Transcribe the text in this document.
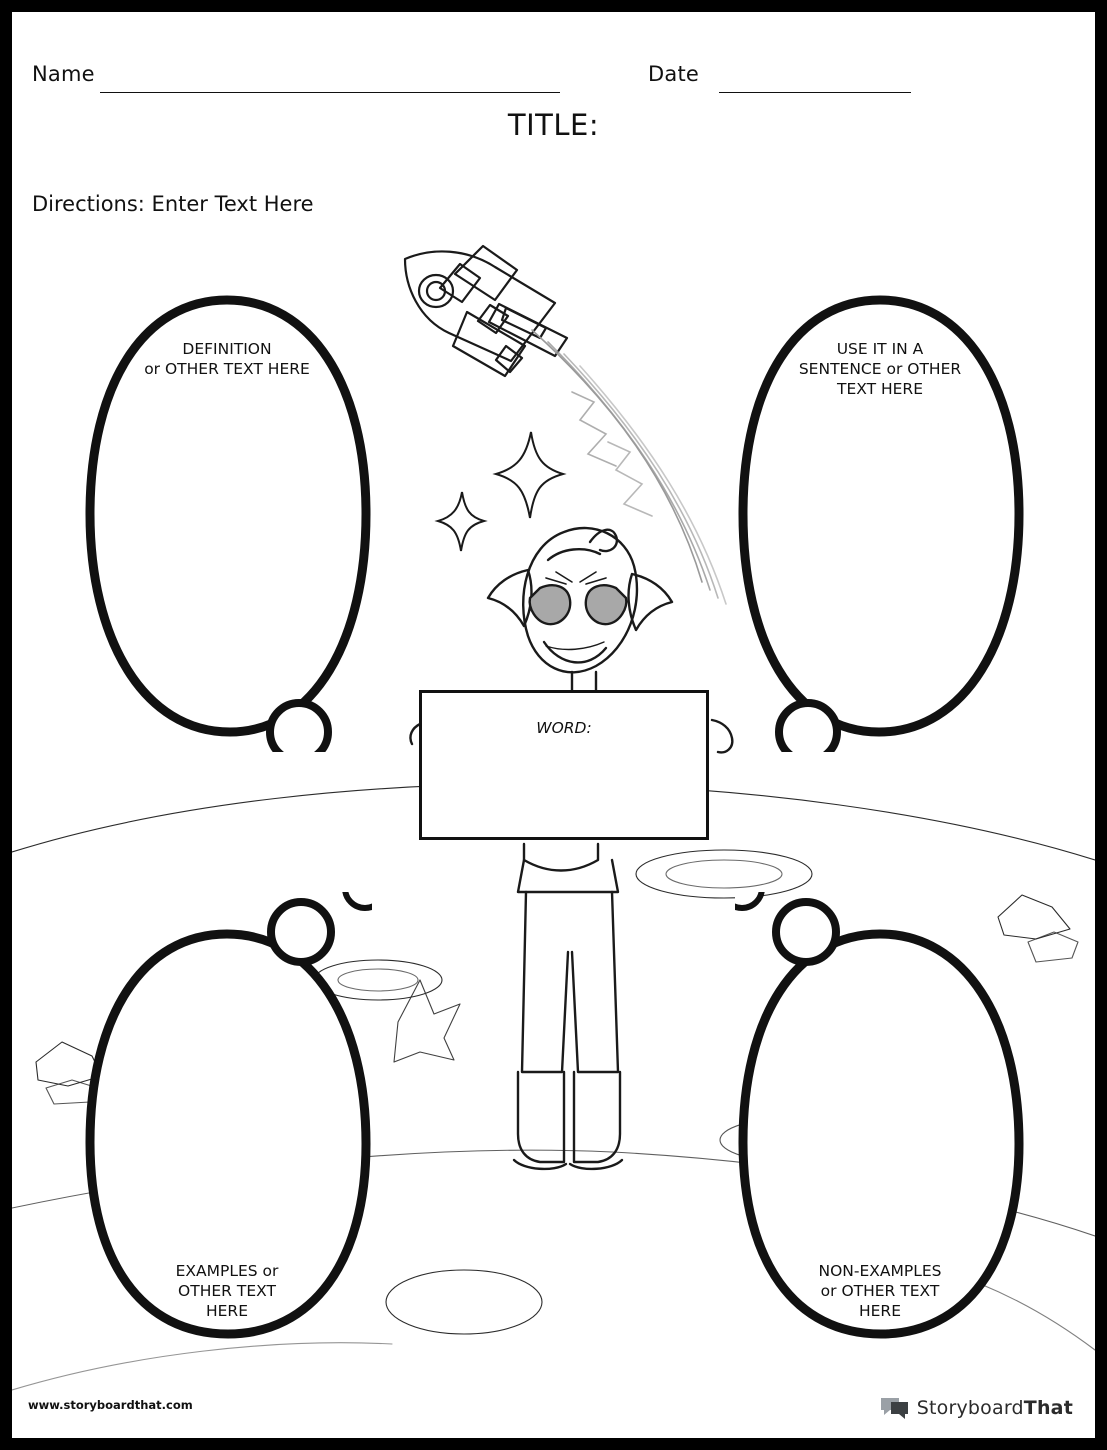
Name	Date
TITLE:
Directions: Enter Text Here
DEFINITION
or OTHER TEXT HERE
USE IT IN A
SENTENCE or OTHER
TEXT HERE
EXAMPLES or
OTHER TEXT
HERE
NON-EXAMPLES
or OTHER TEXT
HERE
WORD:
www.storyboardthat.com	StoryboardThat
